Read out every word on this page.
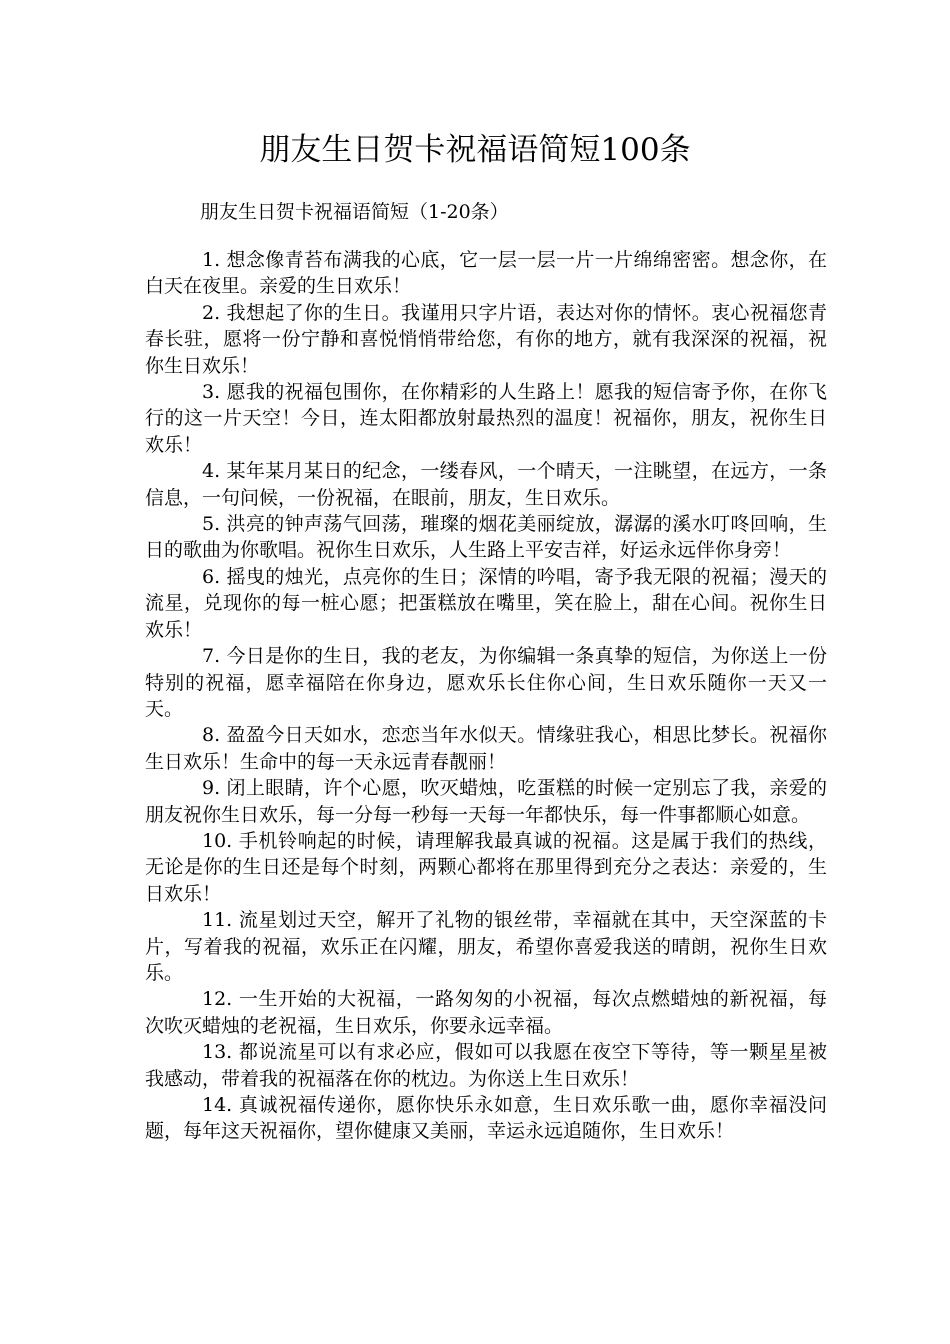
朋友生日贺卡祝福语简短100条

朋友生日贺卡祝福语简短（1-20条）

1. 想念像青苔布满我的心底，它一层一层一片一片绵绵密密。想念你，在白天在夜里。亲爱的生日欢乐！
2. 我想起了你的生日。我谨用只字片语，表达对你的情怀。衷心祝福您青春长驻，愿将一份宁静和喜悦悄悄带给您，有你的地方，就有我深深的祝福，祝你生日欢乐！
3. 愿我的祝福包围你，在你精彩的人生路上！愿我的短信寄予你，在你飞行的这一片天空！今日，连太阳都放射最热烈的温度！祝福你，朋友，祝你生日欢乐！
4. 某年某月某日的纪念，一缕春风，一个晴天，一注眺望，在远方，一条信息，一句问候，一份祝福，在眼前，朋友，生日欢乐。
5. 洪亮的钟声荡气回荡，璀璨的烟花美丽绽放，潺潺的溪水叮咚回响，生日的歌曲为你歌唱。祝你生日欢乐，人生路上平安吉祥，好运永远伴你身旁！
6. 摇曳的烛光，点亮你的生日；深情的吟唱，寄予我无限的祝福；漫天的流星，兑现你的每一桩心愿；把蛋糕放在嘴里，笑在脸上，甜在心间。祝你生日欢乐！
7. 今日是你的生日，我的老友，为你编辑一条真挚的短信，为你送上一份特别的祝福，愿幸福陪在你身边，愿欢乐长住你心间，生日欢乐随你一天又一天。
8. 盈盈今日天如水，恋恋当年水似天。情缘驻我心，相思比梦长。祝福你生日欢乐！生命中的每一天永远青春靓丽！
9. 闭上眼睛，许个心愿，吹灭蜡烛，吃蛋糕的时候一定别忘了我，亲爱的朋友祝你生日欢乐，每一分每一秒每一天每一年都快乐，每一件事都顺心如意。
10. 手机铃响起的时候，请理解我最真诚的祝福。这是属于我们的热线，无论是你的生日还是每个时刻，两颗心都将在那里得到充分之表达：亲爱的，生日欢乐！
11. 流星划过天空，解开了礼物的银丝带，幸福就在其中，天空深蓝的卡片，写着我的祝福，欢乐正在闪耀，朋友，希望你喜爱我送的晴朗，祝你生日欢乐。
12. 一生开始的大祝福，一路匆匆的小祝福，每次点燃蜡烛的新祝福，每次吹灭蜡烛的老祝福，生日欢乐，你要永远幸福。
13. 都说流星可以有求必应，假如可以我愿在夜空下等待，等一颗星星被我感动，带着我的祝福落在你的枕边。为你送上生日欢乐！
14. 真诚祝福传递你，愿你快乐永如意，生日欢乐歌一曲，愿你幸福没问题，每年这天祝福你，望你健康又美丽，幸运永远追随你，生日欢乐！
